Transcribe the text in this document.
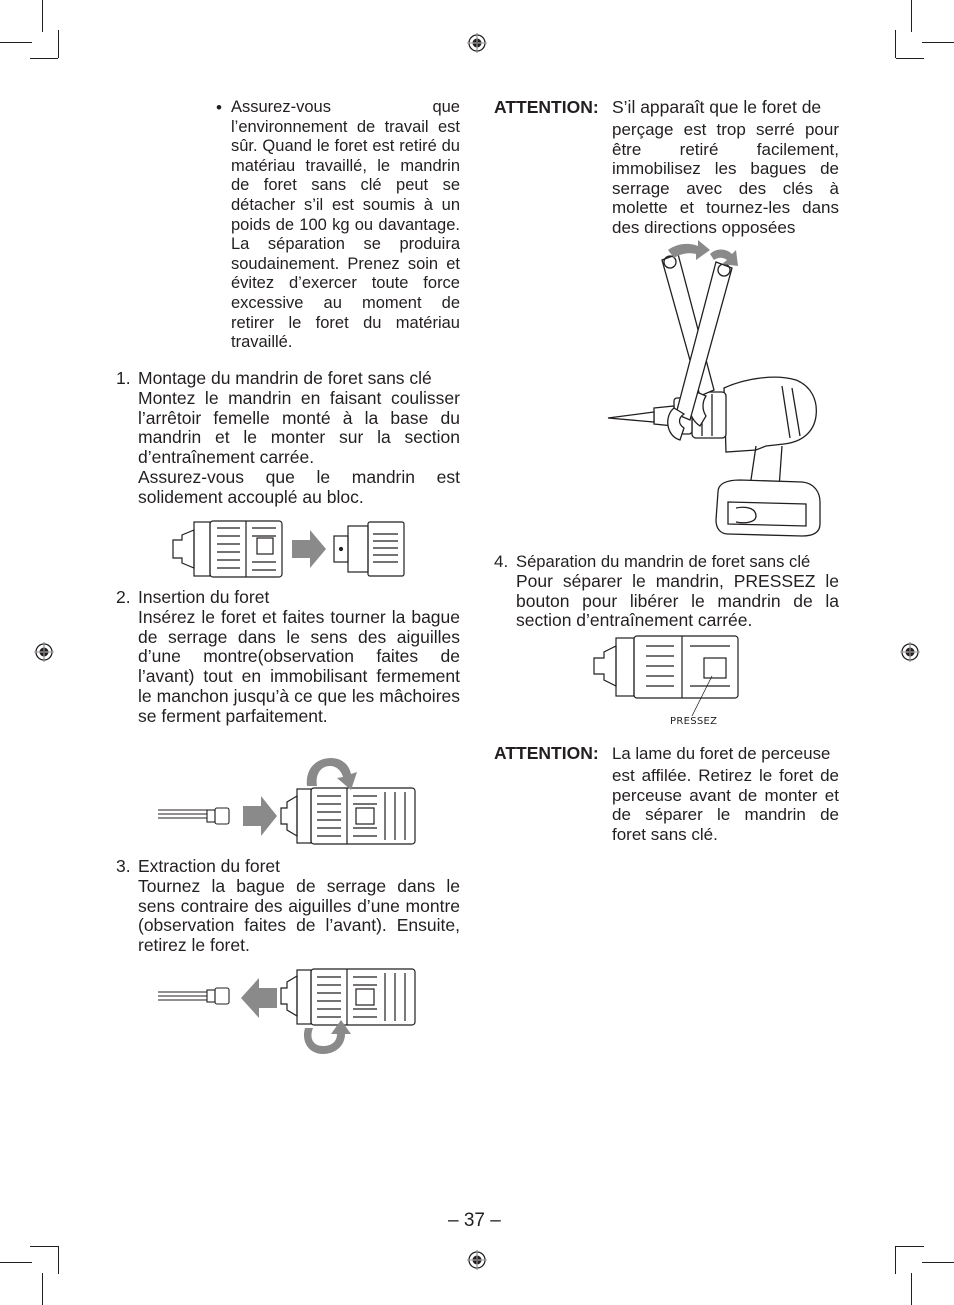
• Assurez-vous que l’environnement de travail est sûr. Quand le foret est retiré du matériau travaillé, le mandrin de foret sans clé peut se détacher s’il est soumis à un poids de 100 kg ou davantage. La séparation se produira soudainement. Prenez soin et évitez d’exercer toute force excessive au moment de retirer le foret du matériau travaillé.
1. Montage du mandrin de foret sans clé
Montez le mandrin en faisant coulisser l’arrêtoir femelle monté à la base du mandrin et le monter sur la section d’entraînement carrée.
Assurez-vous que le mandrin est solidement accouplé au bloc.
2. Insertion du foret
Insérez le foret et faites tourner la bague de serrage dans le sens des aiguilles d’une montre(observation faites de l’avant) tout en immobilisant fermement le manchon jusqu’à ce que les mâchoires se ferment parfaitement.
3. Extraction du foret
Tournez la bague de serrage dans le sens contraire des aiguilles d’une montre (observation faites de l’avant). Ensuite, retirez le foret.
ATTENTION: S’il apparaît que le foret de
perçage est trop serré pour être retiré facilement, immobilisez les bagues de serrage avec des clés à molette et tournez-les dans des directions opposées
4. Séparation du mandrin de foret sans clé
Pour séparer le mandrin, PRESSEZ le bouton pour libérer le mandrin de la section d’entraînement carrée.
PRESSEZ
ATTENTION: La lame du foret de perceuse
est affilée. Retirez le foret de perceuse avant de monter et de séparer le mandrin de foret sans clé.
– 37 –
